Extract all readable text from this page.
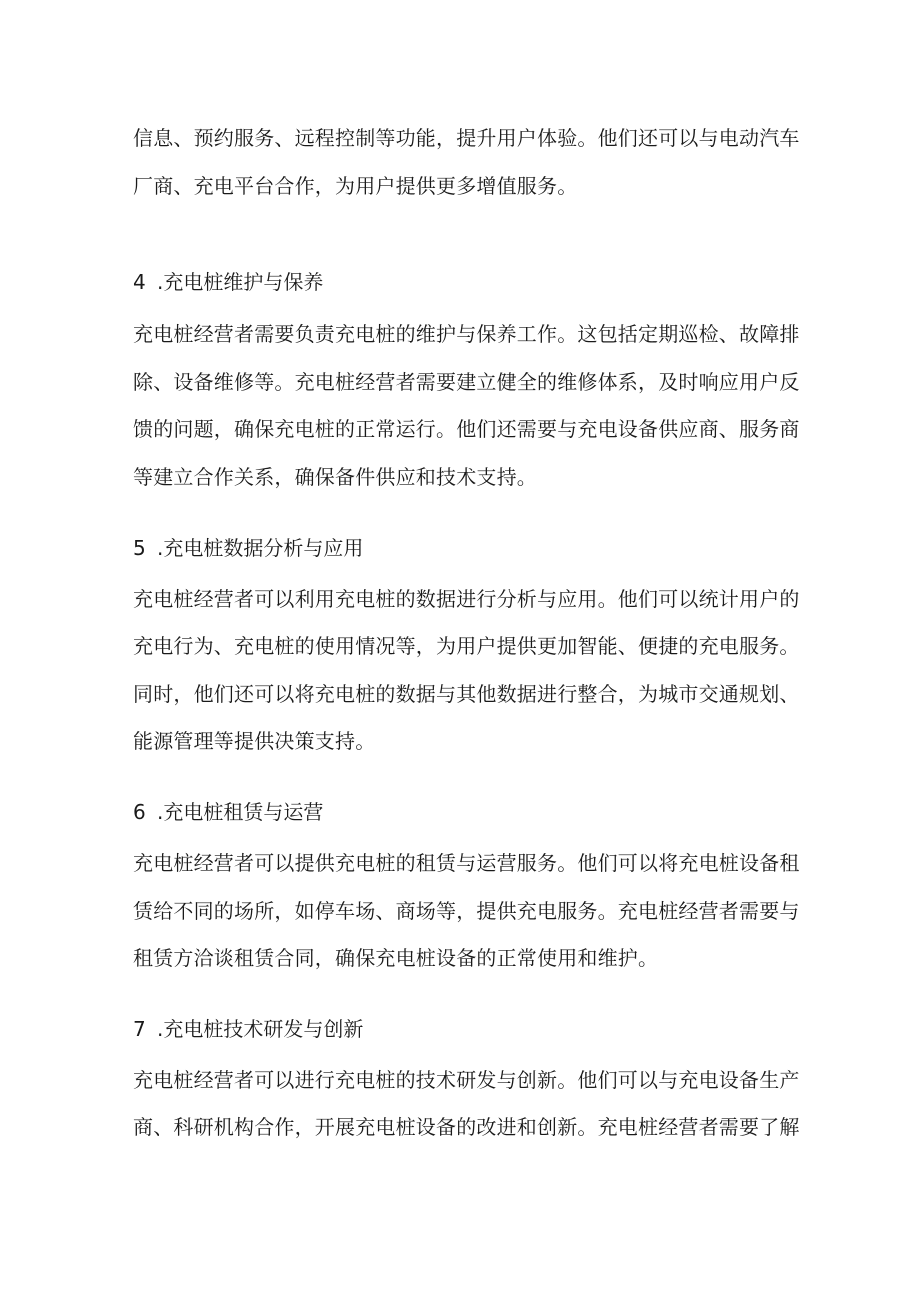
信息、预约服务、远程控制等功能，提升用户体验。他们还可以与电动汽车
厂商、充电平台合作，为用户提供更多增值服务。
4 .充电桩维护与保养
充电桩经营者需要负责充电桩的维护与保养工作。这包括定期巡检、故障排
除、设备维修等。充电桩经营者需要建立健全的维修体系，及时响应用户反
馈的问题，确保充电桩的正常运行。他们还需要与充电设备供应商、服务商
等建立合作关系，确保备件供应和技术支持。
5 .充电桩数据分析与应用
充电桩经营者可以利用充电桩的数据进行分析与应用。他们可以统计用户的
充电行为、充电桩的使用情况等，为用户提供更加智能、便捷的充电服务。
同时，他们还可以将充电桩的数据与其他数据进行整合，为城市交通规划、
能源管理等提供决策支持。
6 .充电桩租赁与运营
充电桩经营者可以提供充电桩的租赁与运营服务。他们可以将充电桩设备租
赁给不同的场所，如停车场、商场等，提供充电服务。充电桩经营者需要与
租赁方洽谈租赁合同，确保充电桩设备的正常使用和维护。
7 .充电桩技术研发与创新
充电桩经营者可以进行充电桩的技术研发与创新。他们可以与充电设备生产
商、科研机构合作，开展充电桩设备的改进和创新。充电桩经营者需要了解
